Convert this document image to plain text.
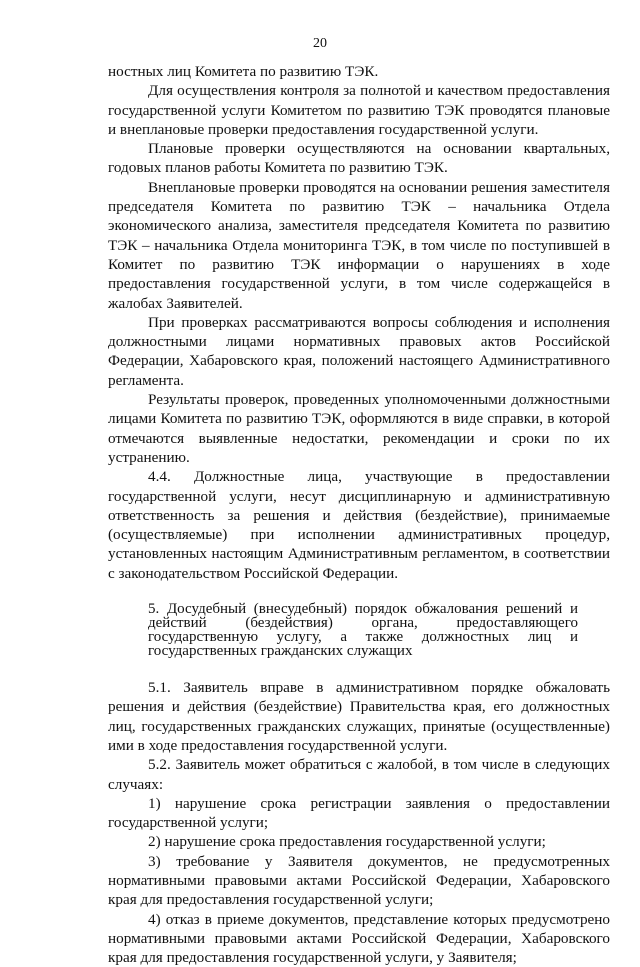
20

ностных лиц Комитета по развитию ТЭК.

Для осуществления контроля за полнотой и качеством предоставления государственной услуги Комитетом по развитию ТЭК проводятся плановые и внеплановые проверки предоставления государственной услуги.

Плановые проверки осуществляются на основании квартальных, годовых планов работы Комитета по развитию ТЭК.

Внеплановые проверки проводятся на основании решения заместителя председателя Комитета по развитию ТЭК – начальника Отдела экономического анализа, заместителя председателя Комитета по развитию ТЭК – начальника Отдела мониторинга ТЭК, в том числе по поступившей в Комитет по развитию ТЭК информации о нарушениях в ходе предоставления государственной услуги, в том числе содержащейся в жалобах Заявителей.

При проверках рассматриваются вопросы соблюдения и исполнения должностными лицами нормативных правовых актов Российской Федерации, Хабаровского края, положений настоящего Административного регламента.

Результаты проверок, проведенных уполномоченными должностными лицами Комитета по развитию ТЭК, оформляются в виде справки, в которой отмечаются выявленные недостатки, рекомендации и сроки по их устранению.

4.4. Должностные лица, участвующие в предоставлении государственной услуги, несут дисциплинарную и административную ответственность за решения и действия (бездействие), принимаемые (осуществляемые) при исполнении административных процедур, установленных настоящим Административным регламентом, в соответствии с законодательством Российской Федерации.

5. Досудебный (внесудебный) порядок обжалования решений и действий (бездействия) органа, предоставляющего государственную услугу, а также должностных лиц и государственных гражданских служащих

5.1. Заявитель вправе в административном порядке обжаловать решения и действия (бездействие) Правительства края, его должностных лиц, государственных гражданских служащих, принятые (осуществленные) ими в ходе предоставления государственной услуги.

5.2. Заявитель может обратиться с жалобой, в том числе в следующих случаях:

1) нарушение срока регистрации заявления о предоставлении государственной услуги;

2) нарушение срока предоставления государственной услуги;

3) требование у Заявителя документов, не предусмотренных нормативными правовыми актами Российской Федерации, Хабаровского края для предоставления государственной услуги;

4) отказ в приеме документов, представление которых предусмотрено нормативными правовыми актами Российской Федерации, Хабаровского края для предоставления государственной услуги, у Заявителя;
